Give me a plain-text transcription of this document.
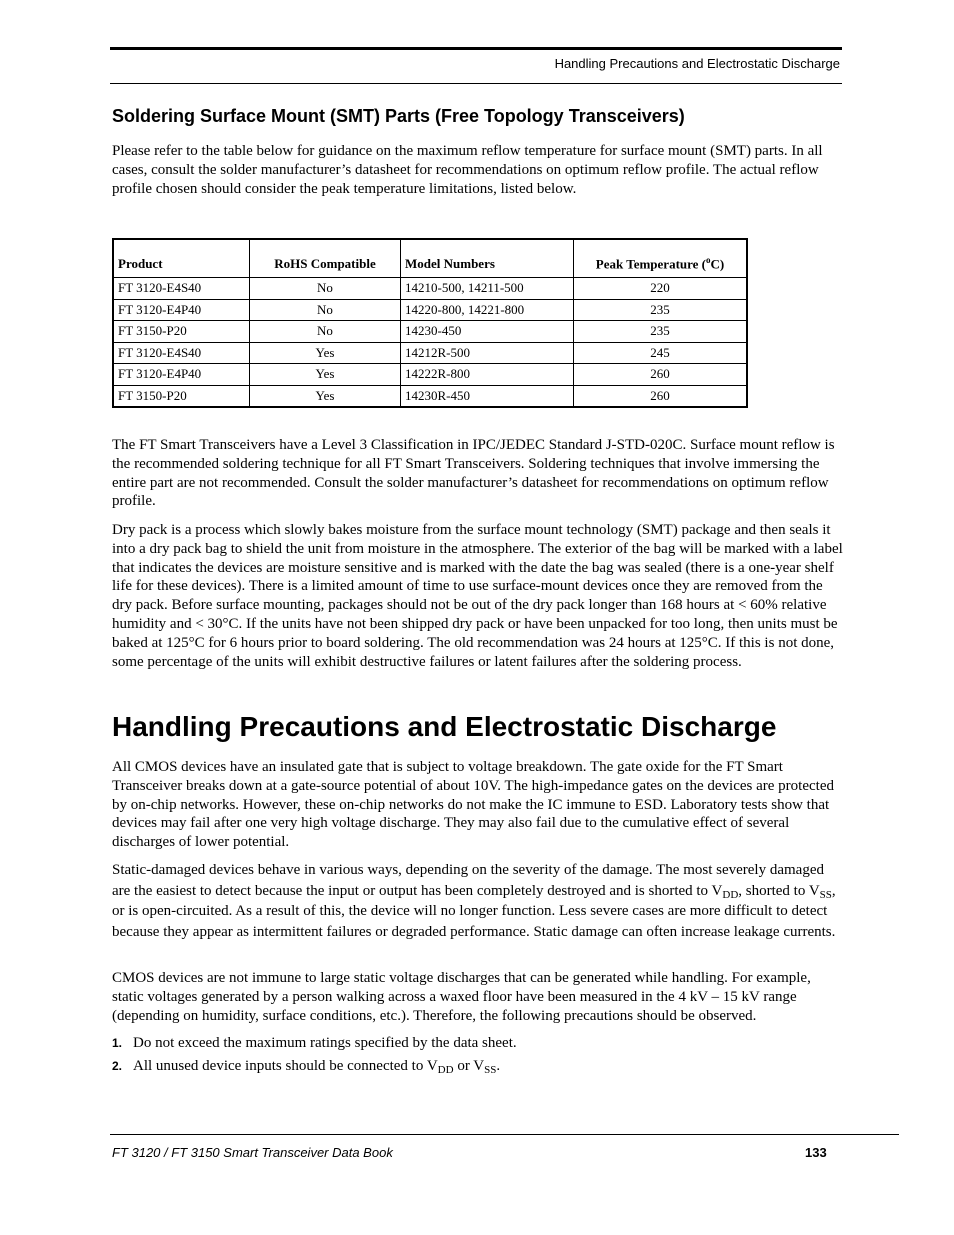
Handling Precautions and Electrostatic Discharge
Soldering Surface Mount (SMT) Parts (Free Topology Transceivers)

Please refer to the table below for guidance on the maximum reflow temperature for surface mount (SMT) parts. In all cases, consult the solder manufacturer’s datasheet for recommendations on optimum reflow profile. The actual reflow profile chosen should consider the peak temperature limitations, listed below.

Product	RoHS Compatible	Model Numbers	Peak Temperature ($^o$C)
FT 3120-E4S40	No	14210-500, 14211-500	220
FT 3120-E4P40	No	14220-800, 14221-800	235
FT 3150-P20	No	14230-450	235
FT 3120-E4S40	Yes	14212R-500	245
FT 3120-E4P40	Yes	14222R-800	260
FT 3150-P20	Yes	14230R-450	260

The FT Smart Transceivers have a Level 3 Classification in IPC/JEDEC Standard J-STD-020C. Surface mount reflow is the recommended soldering technique for all FT Smart Transceivers. Soldering techniques that involve immersing the entire part are not recommended. Consult the solder manufacturer’s datasheet for recommendations on optimum reflow profile.

Dry pack is a process which slowly bakes moisture from the surface mount technology (SMT) package and then seals it into a dry pack bag to shield the unit from moisture in the atmosphere. The exterior of the bag will be marked with a label that indicates the devices are moisture sensitive and is marked with the date the bag was sealed (there is a one-year shelf life for these devices). There is a limited amount of time to use surface-mount devices once they are removed from the dry pack. Before surface mounting, packages should not be out of the dry pack longer than 168 hours at < 60% relative humidity and < 30°C. If the units have not been shipped dry pack or have been unpacked for too long, then units must be baked at 125°C for 6 hours prior to board soldering. The old recommendation was 24 hours at 125°C. If this is not done, some percentage of the units will exhibit destructive failures or latent failures after the soldering process.

Handling Precautions and Electrostatic Discharge

All CMOS devices have an insulated gate that is subject to voltage breakdown. The gate oxide for the FT Smart Transceiver breaks down at a gate-source potential of about 10V. The high-impedance gates on the devices are protected by on-chip networks. However, these on-chip networks do not make the IC immune to ESD. Laboratory tests show that devices may fail after one very high voltage discharge. They may also fail due to the cumulative effect of several discharges of lower potential.

Static-damaged devices behave in various ways, depending on the severity of the damage. The most severely damaged are the easiest to detect because the input or output has been completely destroyed and is shorted to $V_{DD}$, shorted to $V_{SS}$, or is open-circuited. As a result of this, the device will no longer function. Less severe cases are more difficult to detect because they appear as intermittent failures or degraded performance. Static damage can often increase leakage currents.

CMOS devices are not immune to large static voltage discharges that can be generated while handling. For example, static voltages generated by a person walking across a waxed floor have been measured in the 4 kV – 15 kV range (depending on humidity, surface conditions, etc.). Therefore, the following precautions should be observed.

1. Do not exceed the maximum ratings specified by the data sheet.
2. All unused device inputs should be connected to $V_{DD}$ or $V_{SS}$.
FT 3120 / FT 3150 Smart Transceiver Data Book	133
